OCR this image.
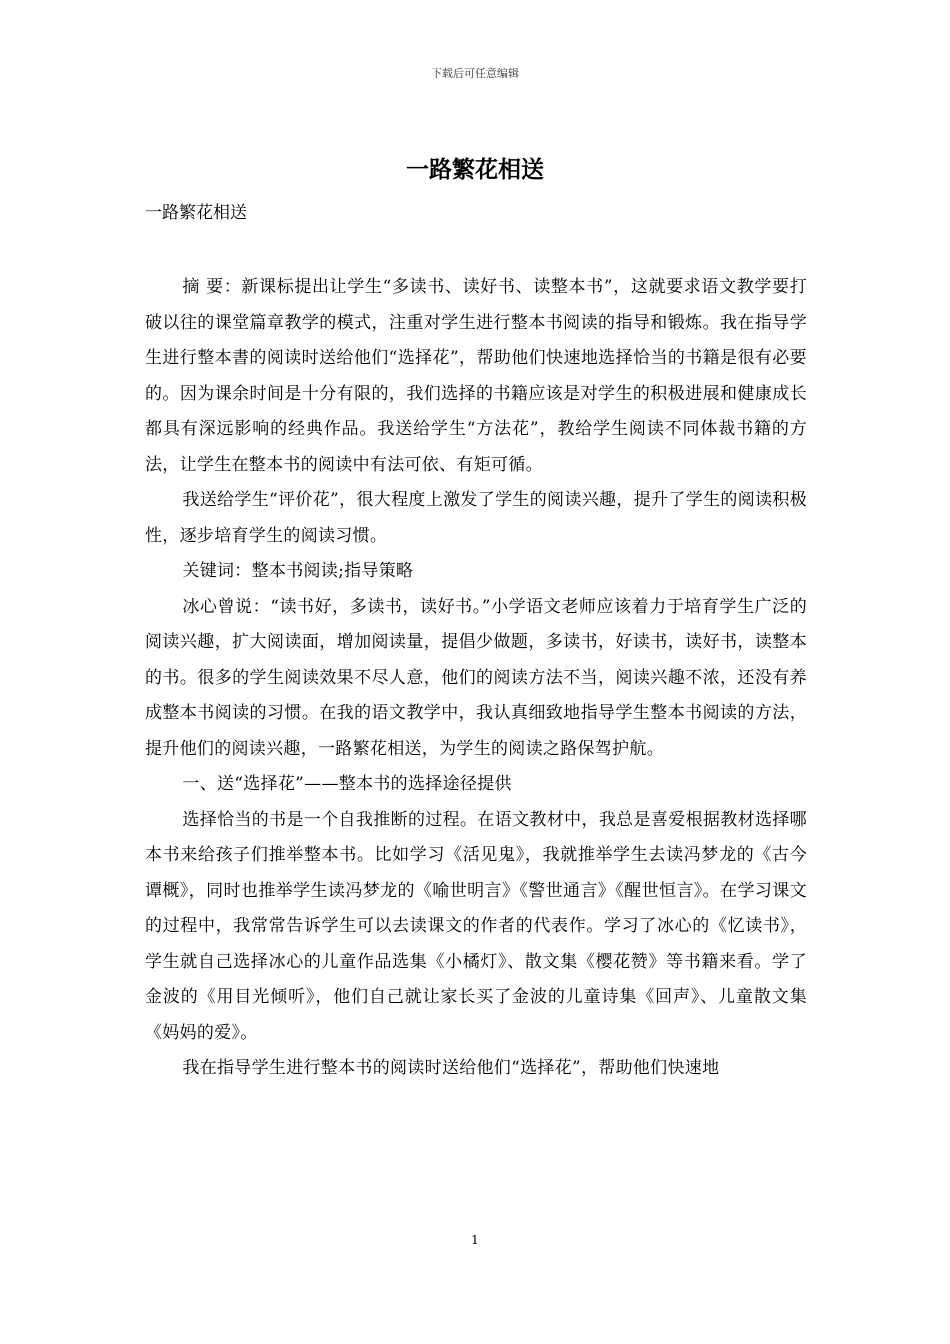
下载后可任意编辑
一路繁花相送

一路繁花相送

摘 要：新课标提出让学生“多读书、读好书、读整本书”，这就要求语文教学要打破以往的课堂篇章教学的模式，注重对学生进行整本书阅读的指导和锻炼。我在指导学生进行整本書的阅读时送给他们“选择花”，帮助他们快速地选择恰当的书籍是很有必要的。因为课余时间是十分有限的，我们选择的书籍应该是对学生的积极进展和健康成长都具有深远影响的经典作品。我送给学生“方法花”，教给学生阅读不同体裁书籍的方法，让学生在整本书的阅读中有法可依、有矩可循。

我送给学生“评价花”，很大程度上激发了学生的阅读兴趣，提升了学生的阅读积极性，逐步培育学生的阅读习惯。

关键词：整本书阅读;指导策略

冰心曾说：“读书好，多读书，读好书。”小学语文老师应该着力于培育学生广泛的阅读兴趣，扩大阅读面，增加阅读量，提倡少做题，多读书，好读书，读好书，读整本的书。很多的学生阅读效果不尽人意，他们的阅读方法不当，阅读兴趣不浓，还没有养成整本书阅读的习惯。在我的语文教学中，我认真细致地指导学生整本书阅读的方法，提升他们的阅读兴趣，一路繁花相送，为学生的阅读之路保驾护航。

一、送“选择花”——整本书的选择途径提供

选择恰当的书是一个自我推断的过程。在语文教材中，我总是喜爱根据教材选择哪本书来给孩子们推举整本书。比如学习《活见鬼》，我就推举学生去读冯梦龙的《古今谭概》，同时也推举学生读冯梦龙的《喻世明言》《警世通言》《醒世恒言》。在学习课文的过程中，我常常告诉学生可以去读课文的作者的代表作。学习了冰心的《忆读书》，学生就自己选择冰心的儿童作品选集《小橘灯》、散文集《樱花赞》等书籍来看。学了金波的《用目光倾听》，他们自己就让家长买了金波的儿童诗集《回声》、儿童散文集《妈妈的爱》。

我在指导学生进行整本书的阅读时送给他们“选择花”，帮助他们快速地

1
